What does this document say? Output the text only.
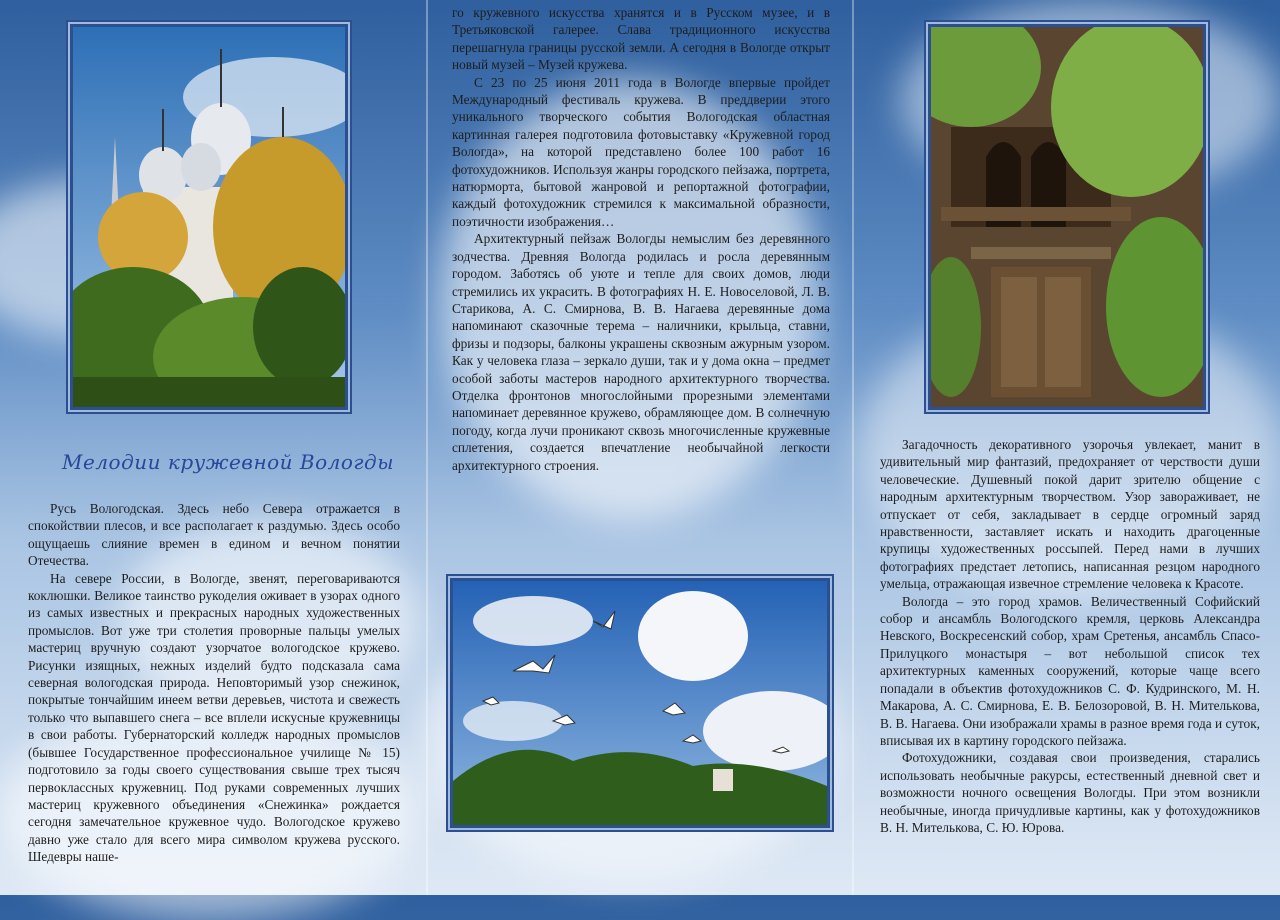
Мелодии кружевной Вологды

Русь Вологодская. Здесь небо Севера отражается в спокойствии плесов, и все располагает к раздумью. Здесь особо ощущаешь слияние времен в едином и вечном понятии Отечества.

На севере России, в Вологде, звенят, переговариваются коклюшки. Великое таинство рукоделия оживает в узорах одного из самых известных и прекрасных народных художественных промыслов. Вот уже три столетия проворные пальцы умелых мастериц вручную создают узорчатое вологодское кружево. Рисунки изящных, нежных изделий будто подсказала сама северная вологодская природа. Неповторимый узор снежинок, покрытые тончайшим инеем ветви деревьев, чистота и свежесть только что выпавшего снега – все вплели искусные кружевницы в свои работы. Губернаторский колледж народных промыслов (бывшее Государственное профессиональное училище № 15) подготовило за годы своего существования свыше трех тысяч первоклассных кружевниц. Под руками современных лучших мастериц кружевного объединения «Снежинка» рождается сегодня замечательное кружевное чудо. Вологодское кружево давно уже стало для всего мира символом кружева русского. Шедевры наше-

го кружевного искусства хранятся и в Русском музее, и в Третьяковской галерее. Слава традиционного искусства перешагнула границы русской земли. А сегодня в Вологде открыт новый музей – Музей кружева.

С 23 по 25 июня 2011 года в Вологде впервые пройдет Международный фестиваль кружева. В преддверии этого уникального творческого события Вологодская областная картинная галерея подготовила фотовыставку «Кружевной город Вологда», на которой представлено более 100 работ 16 фотохудожников. Используя жанры городского пейзажа, портрета, натюрморта, бытовой жанровой и репортажной фотографии, каждый фотохудожник стремился к максимальной образности, поэтичности изображения…

Архитектурный пейзаж Вологды немыслим без деревянного зодчества. Древняя Вологда родилась и росла деревянным городом. Заботясь об уюте и тепле для своих домов, люди стремились их украсить. В фотографиях Н. Е. Новоселовой, Л. В. Старикова, А. С. Смирнова, В. В. Нагаева деревянные дома напоминают сказочные терема – наличники, крыльца, ставни, фризы и подзоры, балконы украшены сквозным ажурным узором. Как у человека глаза – зеркало души, так и у дома окна – предмет особой заботы мастеров народного архитектурного творчества. Отделка фронтонов многослойными прорезными элементами напоминает деревянное кружево, обрамляющее дом. В солнечную погоду, когда лучи проникают сквозь многочисленные кружевные сплетения, создается впечатление необычайной легкости архитектурного строения.

Загадочность декоративного узорочья увлекает, манит в удивительный мир фантазий, предохраняет от черствости души человеческие. Душевный покой дарит зрителю общение с народным архитектурным творчеством. Узор завораживает, не отпускает от себя, закладывает в сердце огромный заряд нравственности, заставляет искать и находить драгоценные крупицы художественных россыпей. Перед нами в лучших фотографиях предстает летопись, написанная резцом народного умельца, отражающая извечное стремление человека к Красоте.

Вологда – это город храмов. Величественный Софийский собор и ансамбль Вологодского кремля, церковь Александра Невского, Воскресенский собор, храм Сретенья, ансамбль Спасо-Прилуцкого монастыря – вот небольшой список тех архитектурных каменных сооружений, которые чаще всего попадали в объектив фотохудожников С. Ф. Кудринского, М. Н. Макарова, А. С. Смирнова, Е. В. Белозоровой, В. Н. Мителькова, В. В. Нагаева. Они изображали храмы в разное время года и суток, вписывая их в картину городского пейзажа.

Фотохудожники, создавая свои произведения, старались использовать необычные ракурсы, естественный дневной свет и возможности ночного освещения Вологды. При этом возникли необычные, иногда причудливые картины, как у фотохудожников В. Н. Мителькова, С. Ю. Юрова.
